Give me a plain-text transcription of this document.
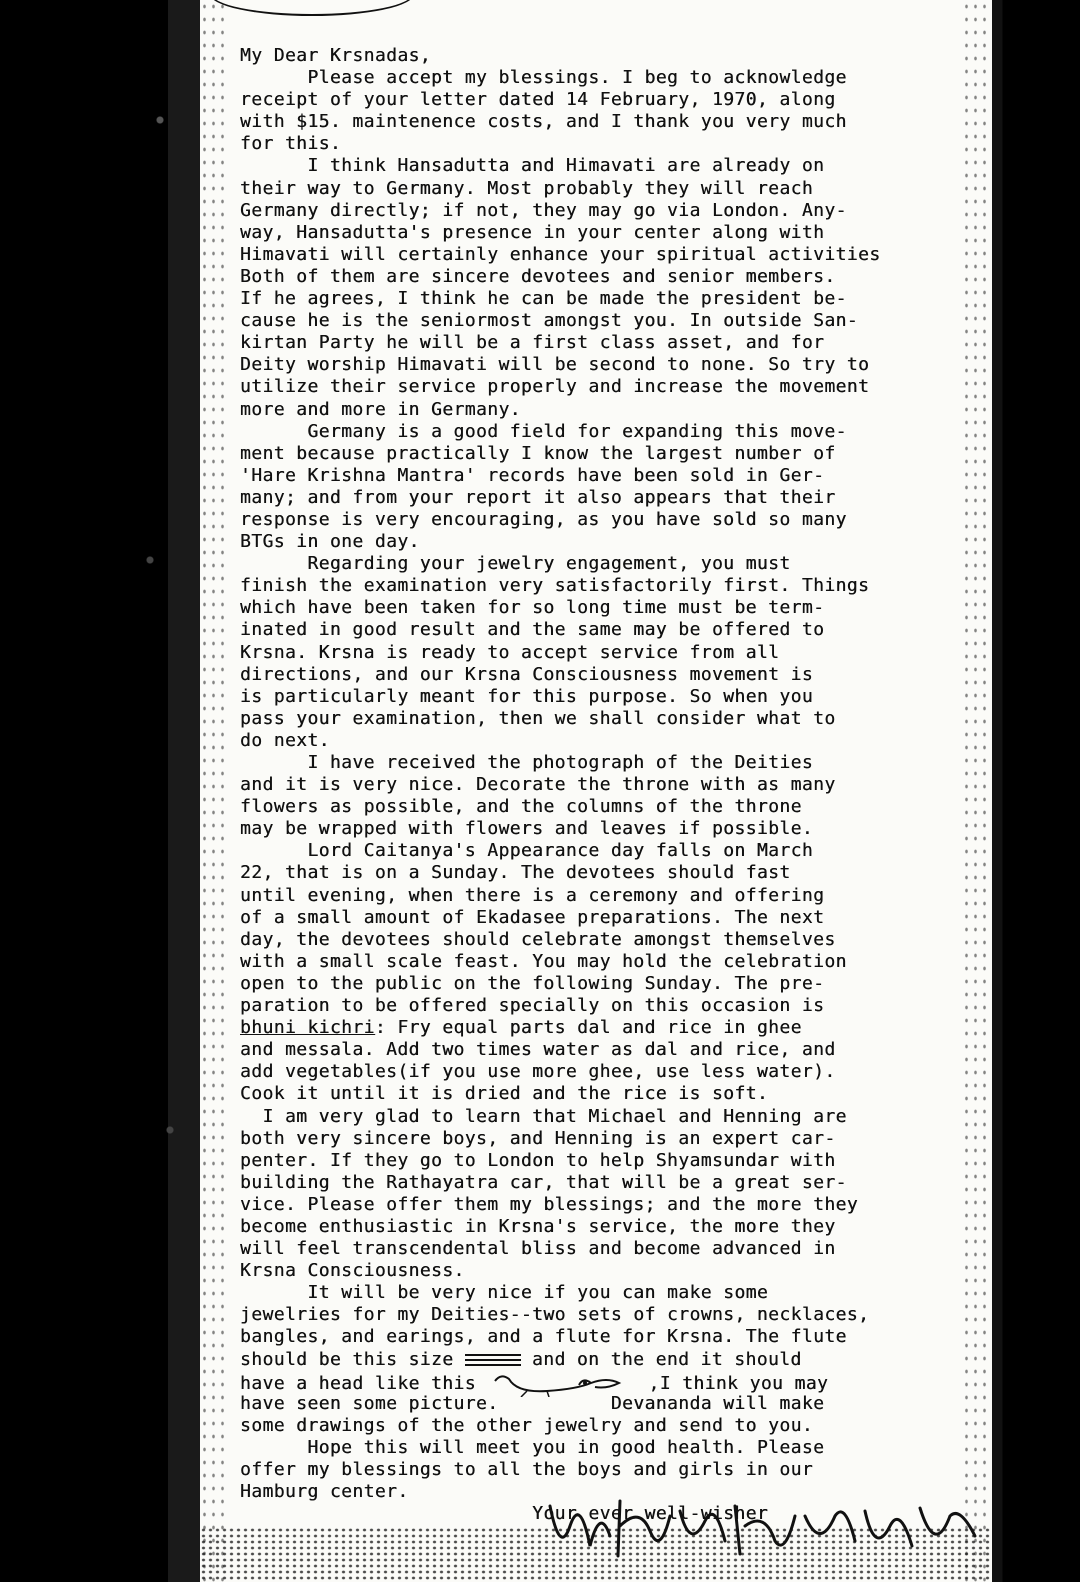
My Dear Krsnadas,
Please accept my blessings. I beg to acknowledge
receipt of your letter dated 14 February, 1970, along
with $15. maintenence costs, and I thank you very much
for this.
I think Hansadutta and Himavati are already on
their way to Germany. Most probably they will reach
Germany directly; if not, they may go via London. Any-
way, Hansadutta's presence in your center along with
Himavati will certainly enhance your spiritual activities
Both of them are sincere devotees and senior members.
If he agrees, I think he can be made the president be-
cause he is the seniormost amongst you. In outside San-
kirtan Party he will be a first class asset, and for
Deity worship Himavati will be second to none. So try to
utilize their service properly and increase the movement
more and more in Germany.
Germany is a good field for expanding this move-
ment because practically I know the largest number of
'Hare Krishna Mantra' records have been sold in Ger-
many; and from your report it also appears that their
response is very encouraging, as you have sold so many
BTGs in one day.
Regarding your jewelry engagement, you must
finish the examination very satisfactorily first. Things
which have been taken for so long time must be term-
inated in good result and the same may be offered to
Krsna. Krsna is ready to accept service from all
directions, and our Krsna Consciousness movement is
is particularly meant for this purpose. So when you
pass your examination, then we shall consider what to
do next.
I have received the photograph of the Deities
and it is very nice. Decorate the throne with as many
flowers as possible, and the columns of the throne
may be wrapped with flowers and leaves if possible.
Lord Caitanya's Appearance day falls on March
22, that is on a Sunday. The devotees should fast
until evening, when there is a ceremony and offering
of a small amount of Ekadasee preparations. The next
day, the devotees should celebrate amongst themselves
with a small scale feast. You may hold the celebration
open to the public on the following Sunday. The pre-
paration to be offered specially on this occasion is
bhuni kichri: Fry equal parts dal and rice in ghee
and messala. Add two times water as dal and rice, and
add vegetables(if you use more ghee, use less water).
Cook it until it is dried and the rice is soft.
I am very glad to learn that Michael and Henning are
both very sincere boys, and Henning is an expert car-
penter. If they go to London to help Shyamsundar with
building the Rathayatra car, that will be a great ser-
vice. Please offer them my blessings; and the more they
become enthusiastic in Krsna's service, the more they
will feel transcendental bliss and become advanced in
Krsna Consciousness.
It will be very nice if you can make some
jewelries for my Deities--two sets of crowns, necklaces,
bangles, and earings, and a flute for Krsna. The flute
should be this size	and on the end it should
have a head like this	,I think you may
have seen some picture.          Devananda will make
some drawings of the other jewelry and send to you.
Hope this will meet you in good health. Please
offer my blessings to all the boys and girls in our
Hamburg center.
Your ever well-wisher
